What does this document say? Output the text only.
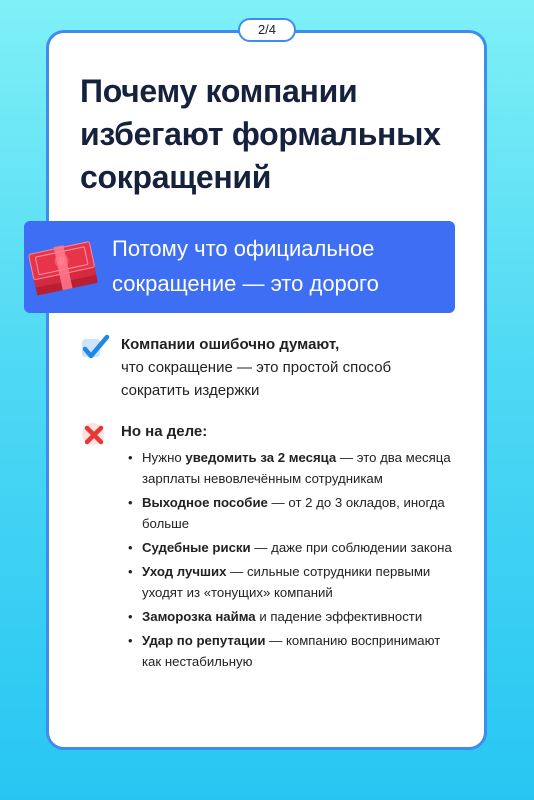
2/4
Почему компании избегают формальных сокращений
Потому что официальное сокращение — это дорого
Компании ошибочно думают,
что сокращение — это простой способ сократить издержки
Но на деле:
• Нужно уведомить за 2 месяца — это два месяца зарплаты невовлечённым сотрудникам
• Выходное пособие — от 2 до 3 окладов, иногда больше
• Судебные риски — даже при соблюдении закона
• Уход лучших — сильные сотрудники первыми уходят из «тонущих» компаний
• Заморозка найма и падение эффективности
• Удар по репутации — компанию воспринимают как нестабильную
